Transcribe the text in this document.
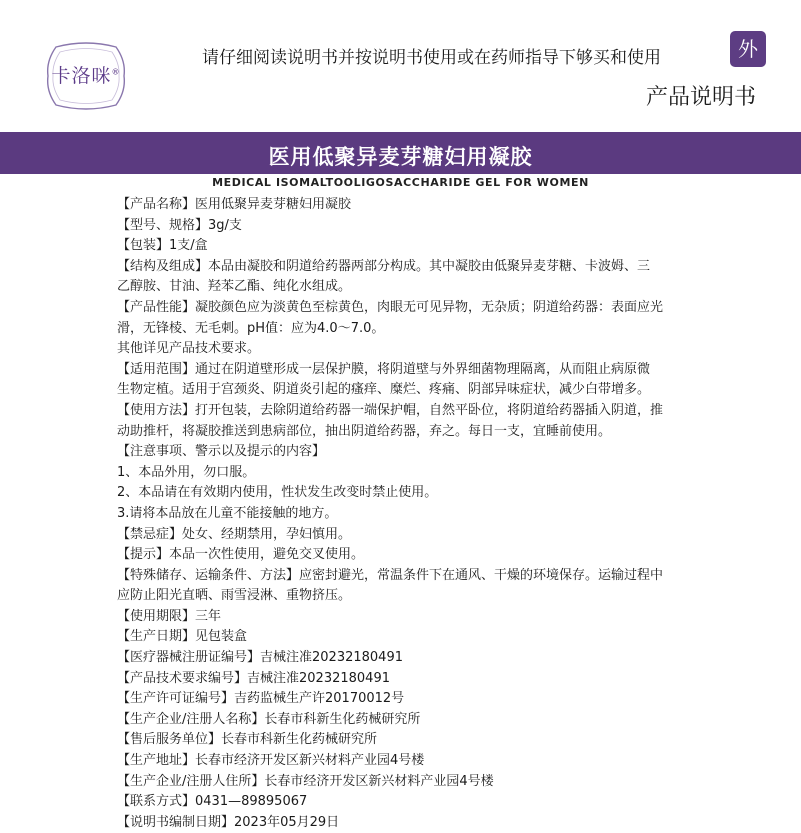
卡洛咪®
请仔细阅读说明书并按说明书使用或在药师指导下够买和使用	外
产品说明书
医用低聚异麦芽糖妇用凝胶
MEDICAL ISOMALTOOLIGOSACCHARIDE GEL FOR WOMEN
【产品名称】医用低聚异麦芽糖妇用凝胶
【型号、规格】3g/支
【包装】1支/盒
【结构及组成】本品由凝胶和阴道给药器两部分构成。其中凝胶由低聚异麦芽糖、卡波姆、三
乙醇胺、甘油、羟苯乙酯、纯化水组成。
【产品性能】凝胶颜色应为淡黄色至棕黄色，肉眼无可见异物，无杂质；阴道给药器：表面应光
滑，无锋棱、无毛刺。pH值：应为4.0～7.0。
其他详见产品技术要求。
【适用范围】通过在阴道壁形成一层保护膜，将阴道壁与外界细菌物理隔离，从而阻止病原微
生物定植。适用于宫颈炎、阴道炎引起的瘙痒、糜烂、疼痛、阴部异味症状，减少白带增多。
【使用方法】打开包装，去除阴道给药器一端保护帽，自然平卧位，将阴道给药器插入阴道，推
动助推杆，将凝胶推送到患病部位，抽出阴道给药器，弃之。每日一支，宜睡前使用。
【注意事项、警示以及提示的内容】
1、本品外用，勿口服。
2、本品请在有效期内使用，性状发生改变时禁止使用。
3.请将本品放在儿童不能接触的地方。
【禁忌症】处女、经期禁用，孕妇慎用。
【提示】本品一次性使用，避免交叉使用。
【特殊储存、运输条件、方法】应密封避光，常温条件下在通风、干燥的环境保存。运输过程中
应防止阳光直晒、雨雪浸淋、重物挤压。
【使用期限】三年
【生产日期】见包装盒
【医疗器械注册证编号】吉械注准20232180491
【产品技术要求编号】吉械注准20232180491
【生产许可证编号】吉药监械生产许20170012号
【生产企业/注册人名称】长春市科新生化药械研究所
【售后服务单位】长春市科新生化药械研究所
【生产地址】长春市经济开发区新兴材料产业园4号楼
【生产企业/注册人住所】长春市经济开发区新兴材料产业园4号楼
【联系方式】0431—89895067
【说明书编制日期】2023年05月29日
